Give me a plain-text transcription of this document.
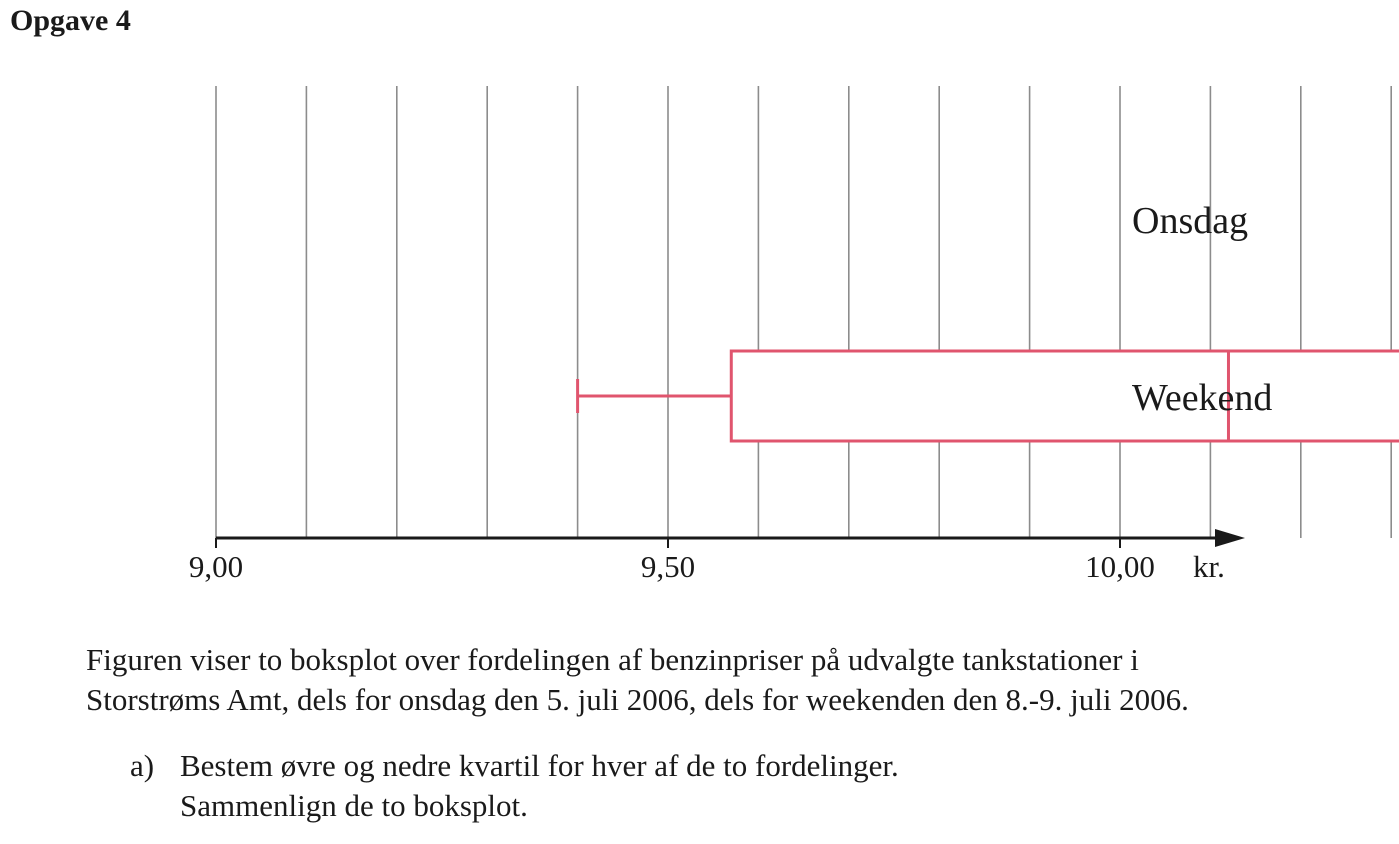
Opgave 4
9,00	9,50	10,00 kr.
Onsdag
Weekend

Figuren viser to boksplot over fordelingen af benzinpriser på udvalgte tankstationer i
Storstrøms Amt, dels for onsdag den 5. juli 2006, dels for weekenden den 8.-9. juli 2006.

a) Bestem øvre og nedre kvartil for hver af de to fordelinger.
Sammenlign de to boksplot.
